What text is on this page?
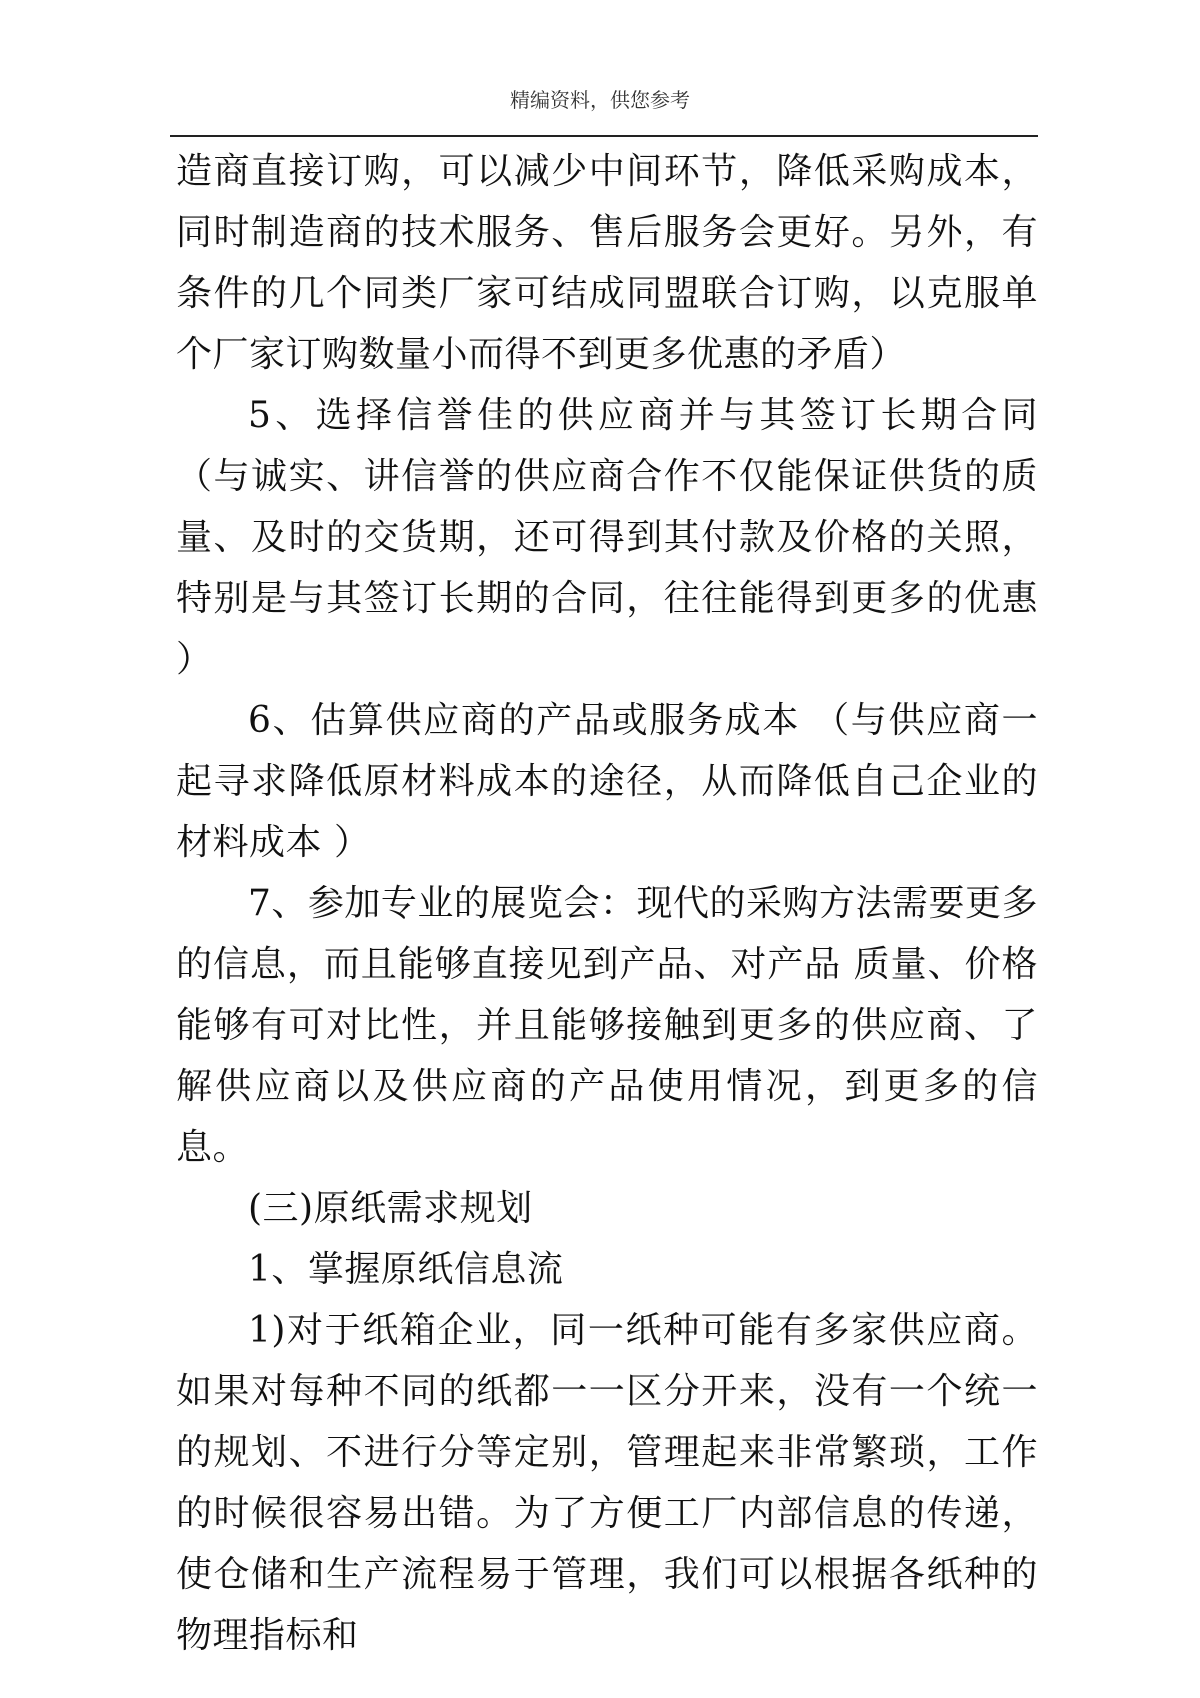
精编资料，供您参考

造商直接订购，可以减少中间环节，降低采购成本，同时制造商的技术服务、售后服务会更好。另外，有条件的几个同类厂家可结成同盟联合订购，以克服单个厂家订购数量小而得不到更多优惠的矛盾）

5、选择信誉佳的供应商并与其签订长期合同 （与诚实、讲信誉的供应商合作不仅能保证供货的质量、及时的交货期，还可得到其付款及价格的关照，特别是与其签订长期的合同，往往能得到更多的优惠 ）

6、估算供应商的产品或服务成本 （与供应商一起寻求降低原材料成本的途径，从而降低自己企业的材料成本 ）

7、参加专业的展览会：现代的采购方法需要更多的信息，而且能够直接见到产品、对产品 质量、价格能够有可对比性，并且能够接触到更多的供应商、了解供应商以及供应商的产品使用情况，到更多的信息。

(三)原纸需求规划

1、掌握原纸信息流

1)对于纸箱企业，同一纸种可能有多家供应商。如果对每种不同的纸都一一区分开来，没有一个统一的规划、不进行分等定别，管理起来非常繁琐，工作的时候很容易出错。为了方便工厂内部信息的传递，使仓储和生产流程易于管理，我们可以根据各纸种的物理指标和
